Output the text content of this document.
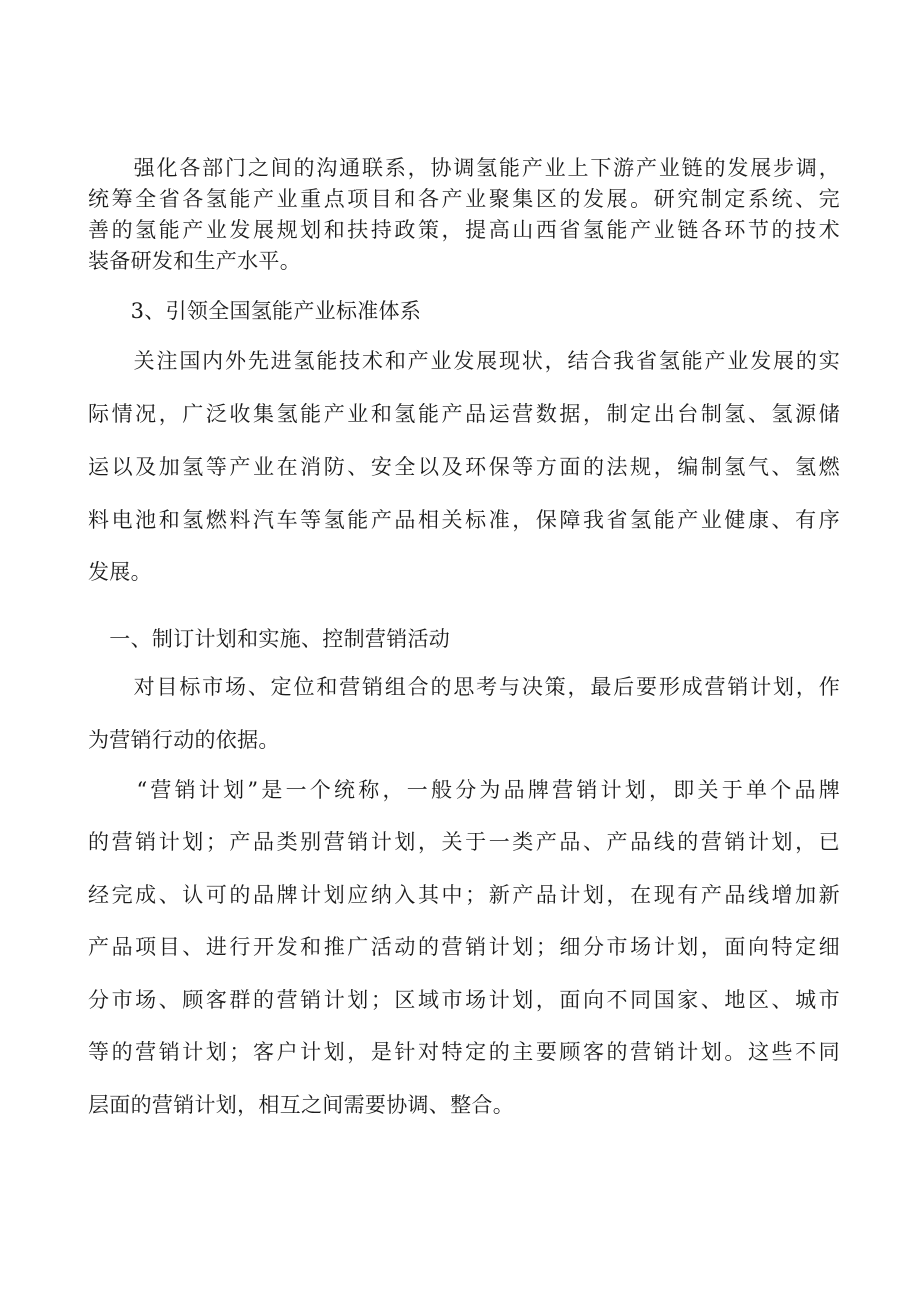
　　强化各部门之间的沟通联系，协调氢能产业上下游产业链的发展步调，
统筹全省各氢能产业重点项目和各产业聚集区的发展。研究制定系统、完
善的氢能产业发展规划和扶持政策，提高山西省氢能产业链各环节的技术
装备研发和生产水平。
　　3、引领全国氢能产业标准体系
　　关注国内外先进氢能技术和产业发展现状，结合我省氢能产业发展的实
际情况，广泛收集氢能产业和氢能产品运营数据，制定出台制氢、氢源储
运以及加氢等产业在消防、安全以及环保等方面的法规，编制氢气、氢燃
料电池和氢燃料汽车等氢能产品相关标准，保障我省氢能产业健康、有序
发展。
　一、制订计划和实施、控制营销活动
　　对目标市场、定位和营销组合的思考与决策，最后要形成营销计划，作
为营销行动的依据。
　　“营销计划”是一个统称，一般分为品牌营销计划，即关于单个品牌
的营销计划；产品类别营销计划，关于一类产品、产品线的营销计划，已
经完成、认可的品牌计划应纳入其中；新产品计划，在现有产品线增加新
产品项目、进行开发和推广活动的营销计划；细分市场计划，面向特定细
分市场、顾客群的营销计划；区域市场计划，面向不同国家、地区、城市
等的营销计划；客户计划，是针对特定的主要顾客的营销计划。这些不同
层面的营销计划，相互之间需要协调、整合。
